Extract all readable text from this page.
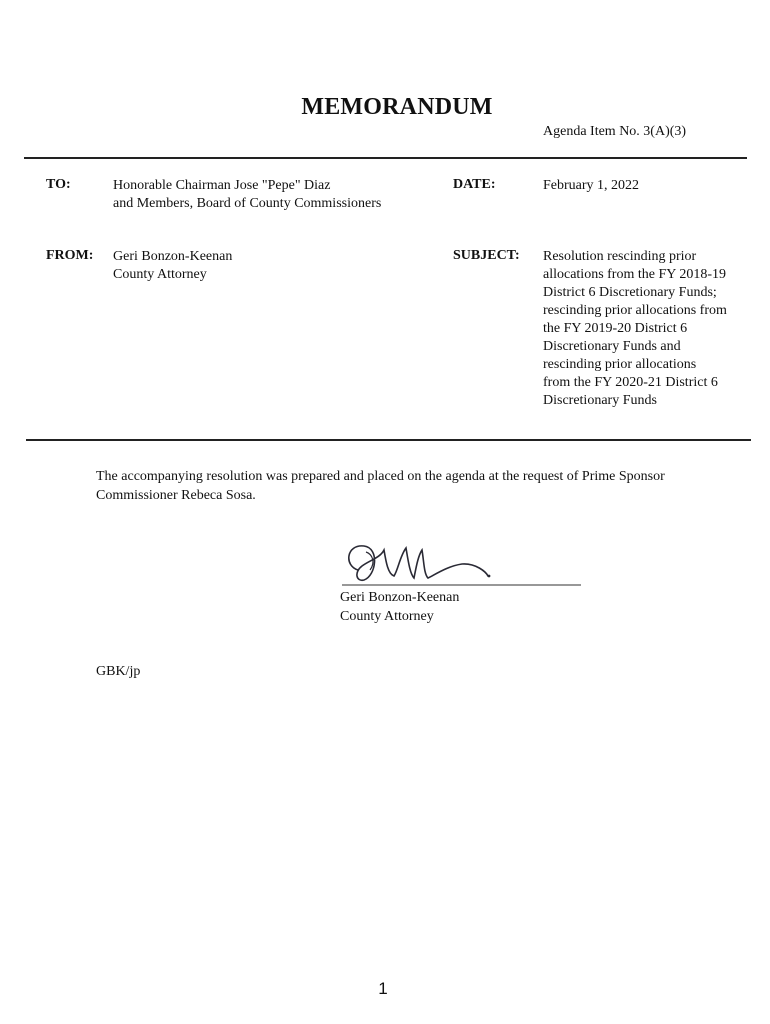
MEMORANDUM
Agenda Item No. 3(A)(3)
TO:	Honorable Chairman Jose "Pepe" Diaz
and Members, Board of County Commissioners
DATE:	February 1, 2022
FROM: Geri Bonzon-Keenan
County Attorney
SUBJECT: Resolution rescinding prior
allocations from the FY 2018-19
District 6 Discretionary Funds;
rescinding prior allocations from
the FY 2019-20 District 6
Discretionary Funds and
rescinding prior allocations
from the FY 2020-21 District 6
Discretionary Funds
The accompanying resolution was prepared and placed on the agenda at the request of Prime Sponsor
Commissioner Rebeca Sosa.
Geri Bonzon-Keenan
County Attorney
GBK/jp
1
